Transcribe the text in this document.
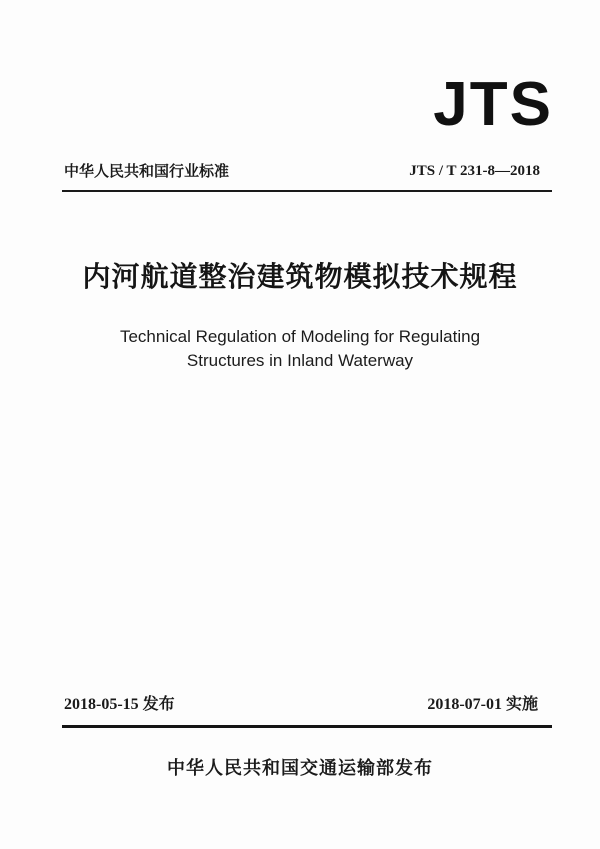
JTS
中华人民共和国行业标准	JTS / T 231-8—2018
内河航道整治建筑物模拟技术规程
Technical Regulation of Modeling for Regulating
Structures in Inland Waterway
2018-05-15 发布	2018-07-01 实施
中华人民共和国交通运输部发布
